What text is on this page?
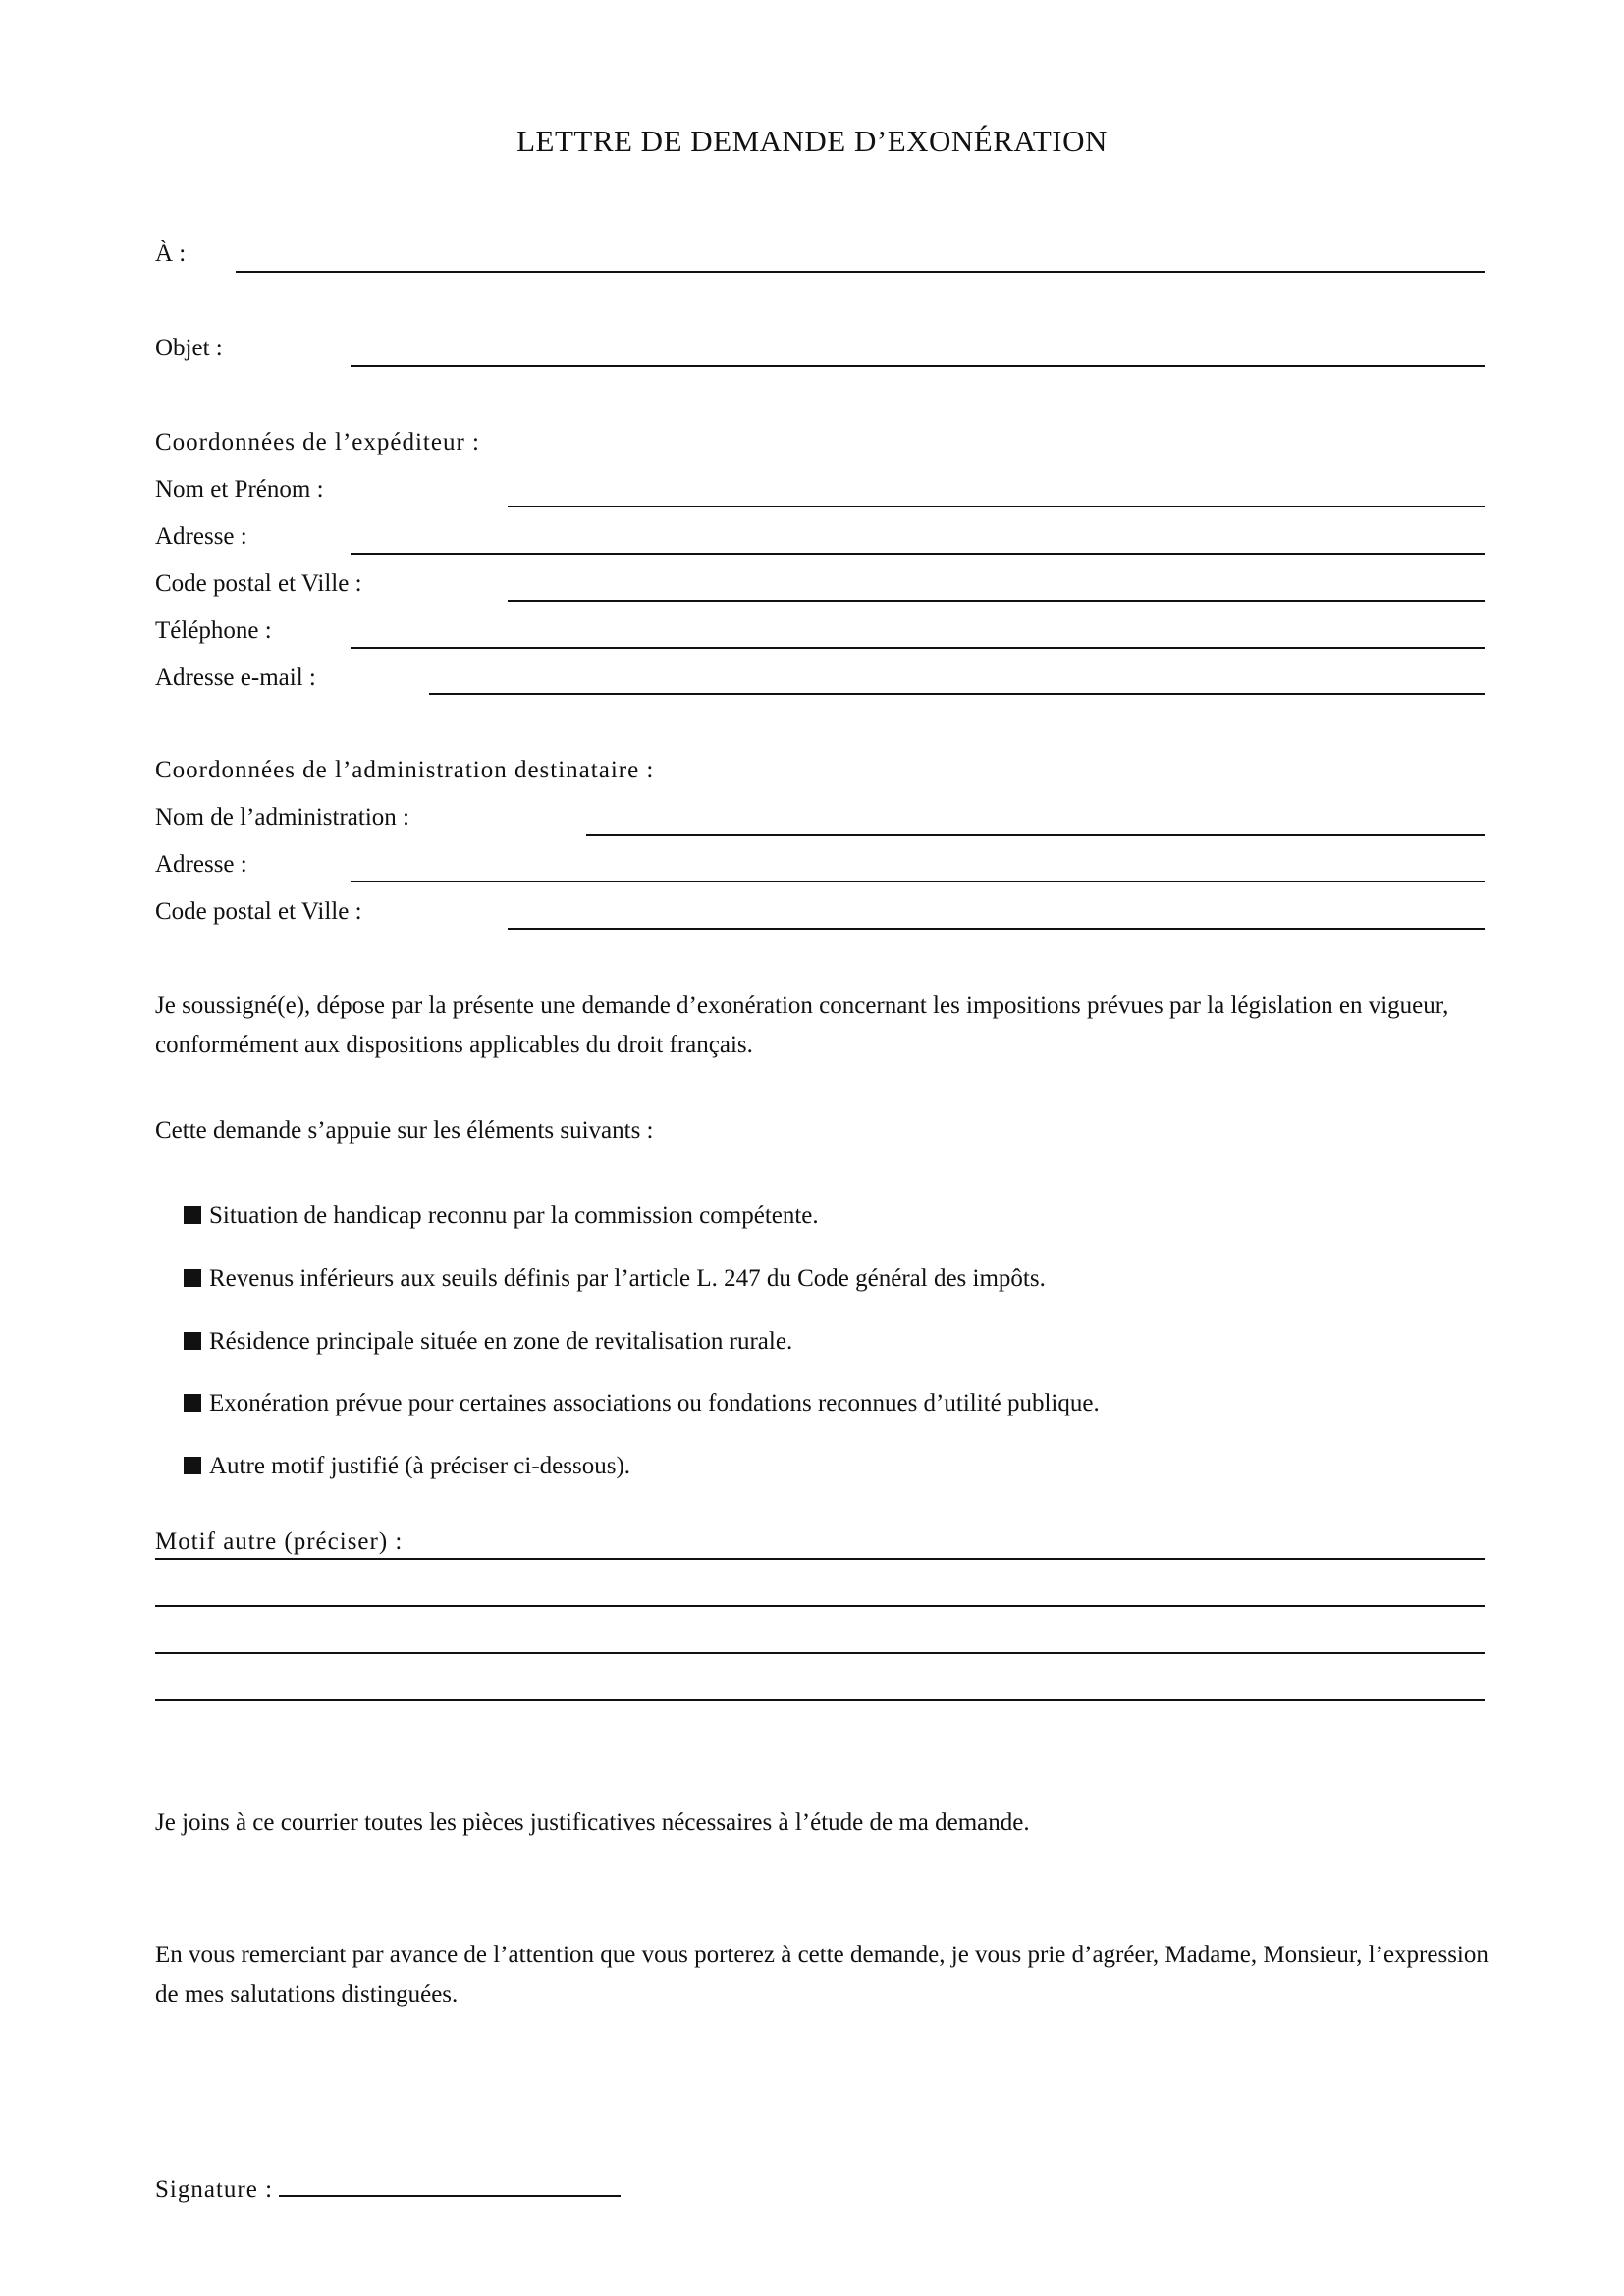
LETTRE DE DEMANDE D’EXONÉRATION
À :
Objet :
Coordonnées de l’expéditeur :
Nom et Prénom :
Adresse :
Code postal et Ville :
Téléphone :
Adresse e-mail :
Coordonnées de l’administration destinataire :
Nom de l’administration :
Adresse :
Code postal et Ville :
Je soussigné(e), dépose par la présente une demande d’exonération concernant les impositions prévues par la législation en vigueur, conformément aux dispositions applicables du droit français.
Cette demande s’appuie sur les éléments suivants :
Situation de handicap reconnu par la commission compétente.
Revenus inférieurs aux seuils définis par l’article L. 247 du Code général des impôts.
Résidence principale située en zone de revitalisation rurale.
Exonération prévue pour certaines associations ou fondations reconnues d’utilité publique.
Autre motif justifié (à préciser ci-dessous).
Motif autre (préciser) :
Je joins à ce courrier toutes les pièces justificatives nécessaires à l’étude de ma demande.
En vous remerciant par avance de l’attention que vous porterez à cette demande, je vous prie d’agréer, Madame, Monsieur, l’expression de mes salutations distinguées.
Signature :
